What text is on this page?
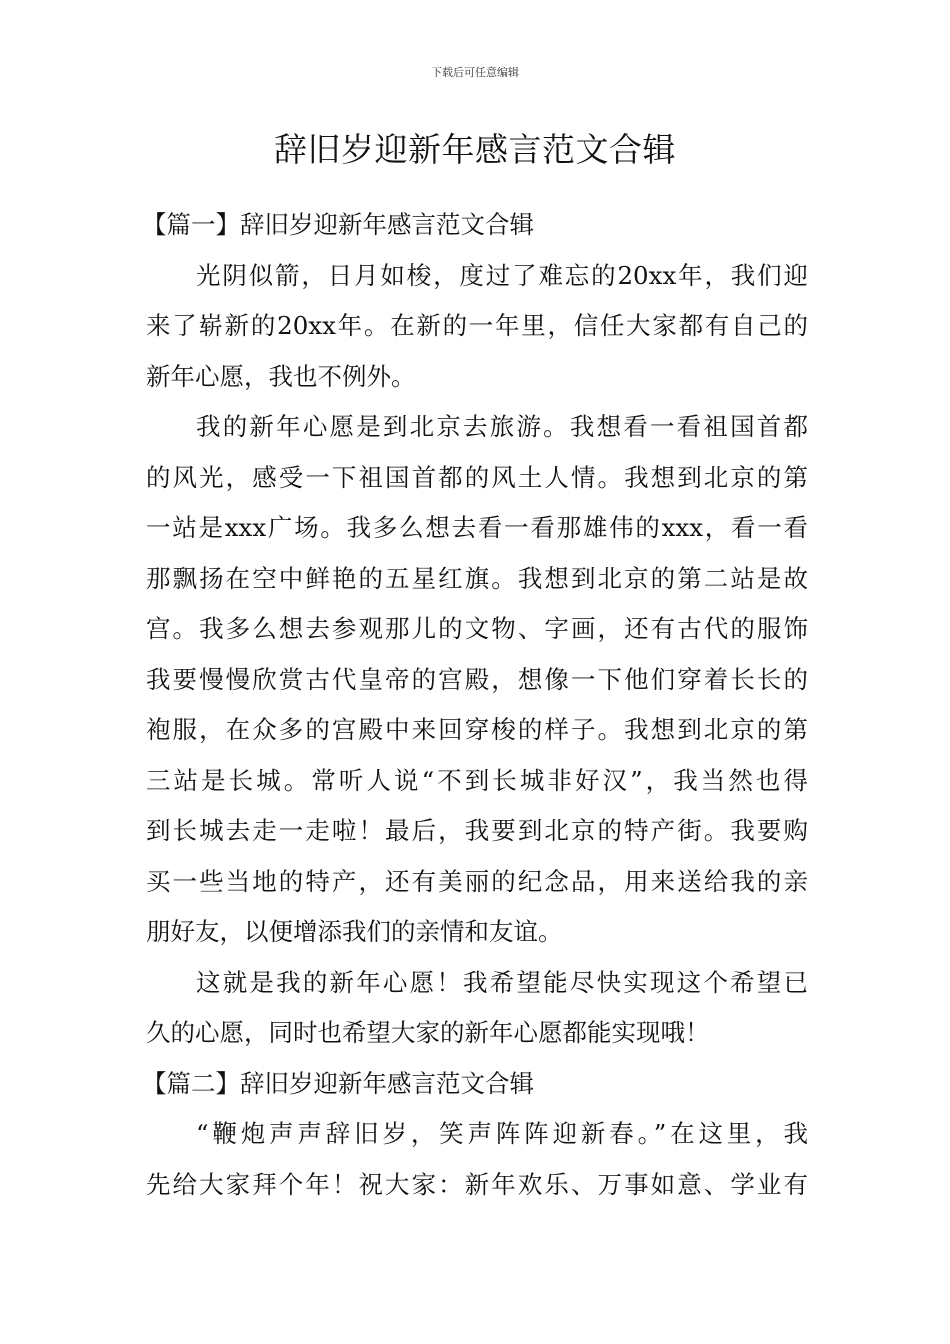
下载后可任意编辑
辞旧岁迎新年感言范文合辑
【篇一】辞旧岁迎新年感言范文合辑
光阴似箭，日月如梭，度过了难忘的20xx年，我们迎
来了崭新的20xx年。在新的一年里，信任大家都有自己的
新年心愿，我也不例外。
我的新年心愿是到北京去旅游。我想看一看祖国首都
的风光，感受一下祖国首都的风土人情。我想到北京的第
一站是xxx广场。我多么想去看一看那雄伟的xxx，看一看
那飘扬在空中鲜艳的五星红旗。我想到北京的第二站是故
宫。我多么想去参观那儿的文物、字画，还有古代的服饰
我要慢慢欣赏古代皇帝的宫殿，想像一下他们穿着长长的
袍服，在众多的宫殿中来回穿梭的样子。我想到北京的第
三站是长城。常听人说“不到长城非好汉”，我当然也得
到长城去走一走啦！最后，我要到北京的特产街。我要购
买一些当地的特产，还有美丽的纪念品，用来送给我的亲
朋好友，以便增添我们的亲情和友谊。
这就是我的新年心愿！我希望能尽快实现这个希望已
久的心愿，同时也希望大家的新年心愿都能实现哦！
【篇二】辞旧岁迎新年感言范文合辑
“鞭炮声声辞旧岁，笑声阵阵迎新春。”在这里，我
先给大家拜个年！祝大家：新年欢乐、万事如意、学业有
